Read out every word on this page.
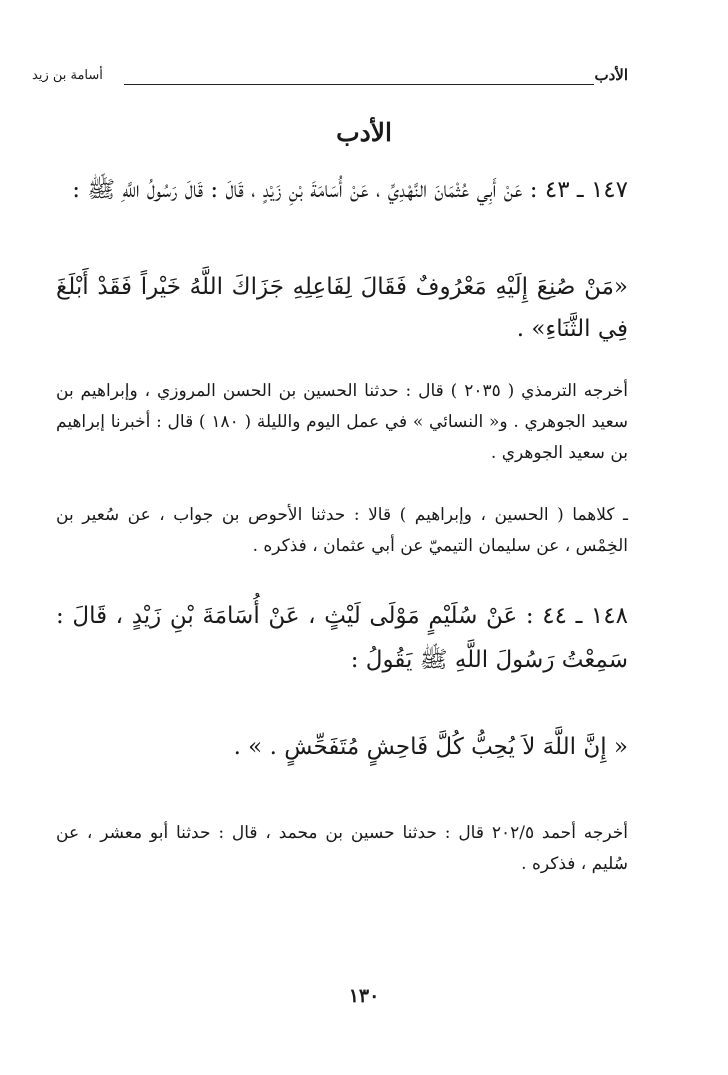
الأدب
أسامة بن زيد
الأدب
١٤٧ ـ ٤٣ : عَنْ أَبِي عُثْمَانَ النَّهْدِيِّ ، عَنْ أُسَامَةَ بْنِ زَيْدٍ ، قَالَ : قَالَ رَسُولُ اللَّهِ ﷺ :
«مَنْ صُنِعَ إِلَيْهِ مَعْرُوفٌ فَقَالَ لِفَاعِلِهِ جَزَاكَ اللَّهُ خَيْراً فَقَدْ أَبْلَغَ فِي الثَّنَاءِ» .
أخرجه الترمذي ( ٢٠٣٥ ) قال : حدثنا الحسين بن الحسن المروزي ، وإبراهيم بن سعيد الجوهري . و« النسائي » في عمل اليوم والليلة ( ١٨٠ ) قال : أخبرنا إبراهيم بن سعيد الجوهري .
ـ كلاهما ( الحسين ، وإبراهيم ) قالا : حدثنا الأحوص بن جواب ، عن سُعير بن الخِمْس ، عن سليمان التيميّ عن أبي عثمان ، فذكره .
١٤٨ ـ ٤٤ : عَنْ سُلَيْمٍ مَوْلَى لَيْثٍ ، عَنْ أُسَامَةَ بْنِ زَيْدٍ ، قَالَ : سَمِعْتُ رَسُولَ اللَّهِ ﷺ يَقُولُ :
« إِنَّ اللَّهَ لاَ يُحِبُّ كُلَّ فَاحِشٍ مُتَفَحِّشٍ . » .
أخرجه أحمد ٢٠٢/٥ قال : حدثنا حسين بن محمد ، قال : حدثنا أبو معشر ، عن سُليم ، فذكره .
١٣٠
